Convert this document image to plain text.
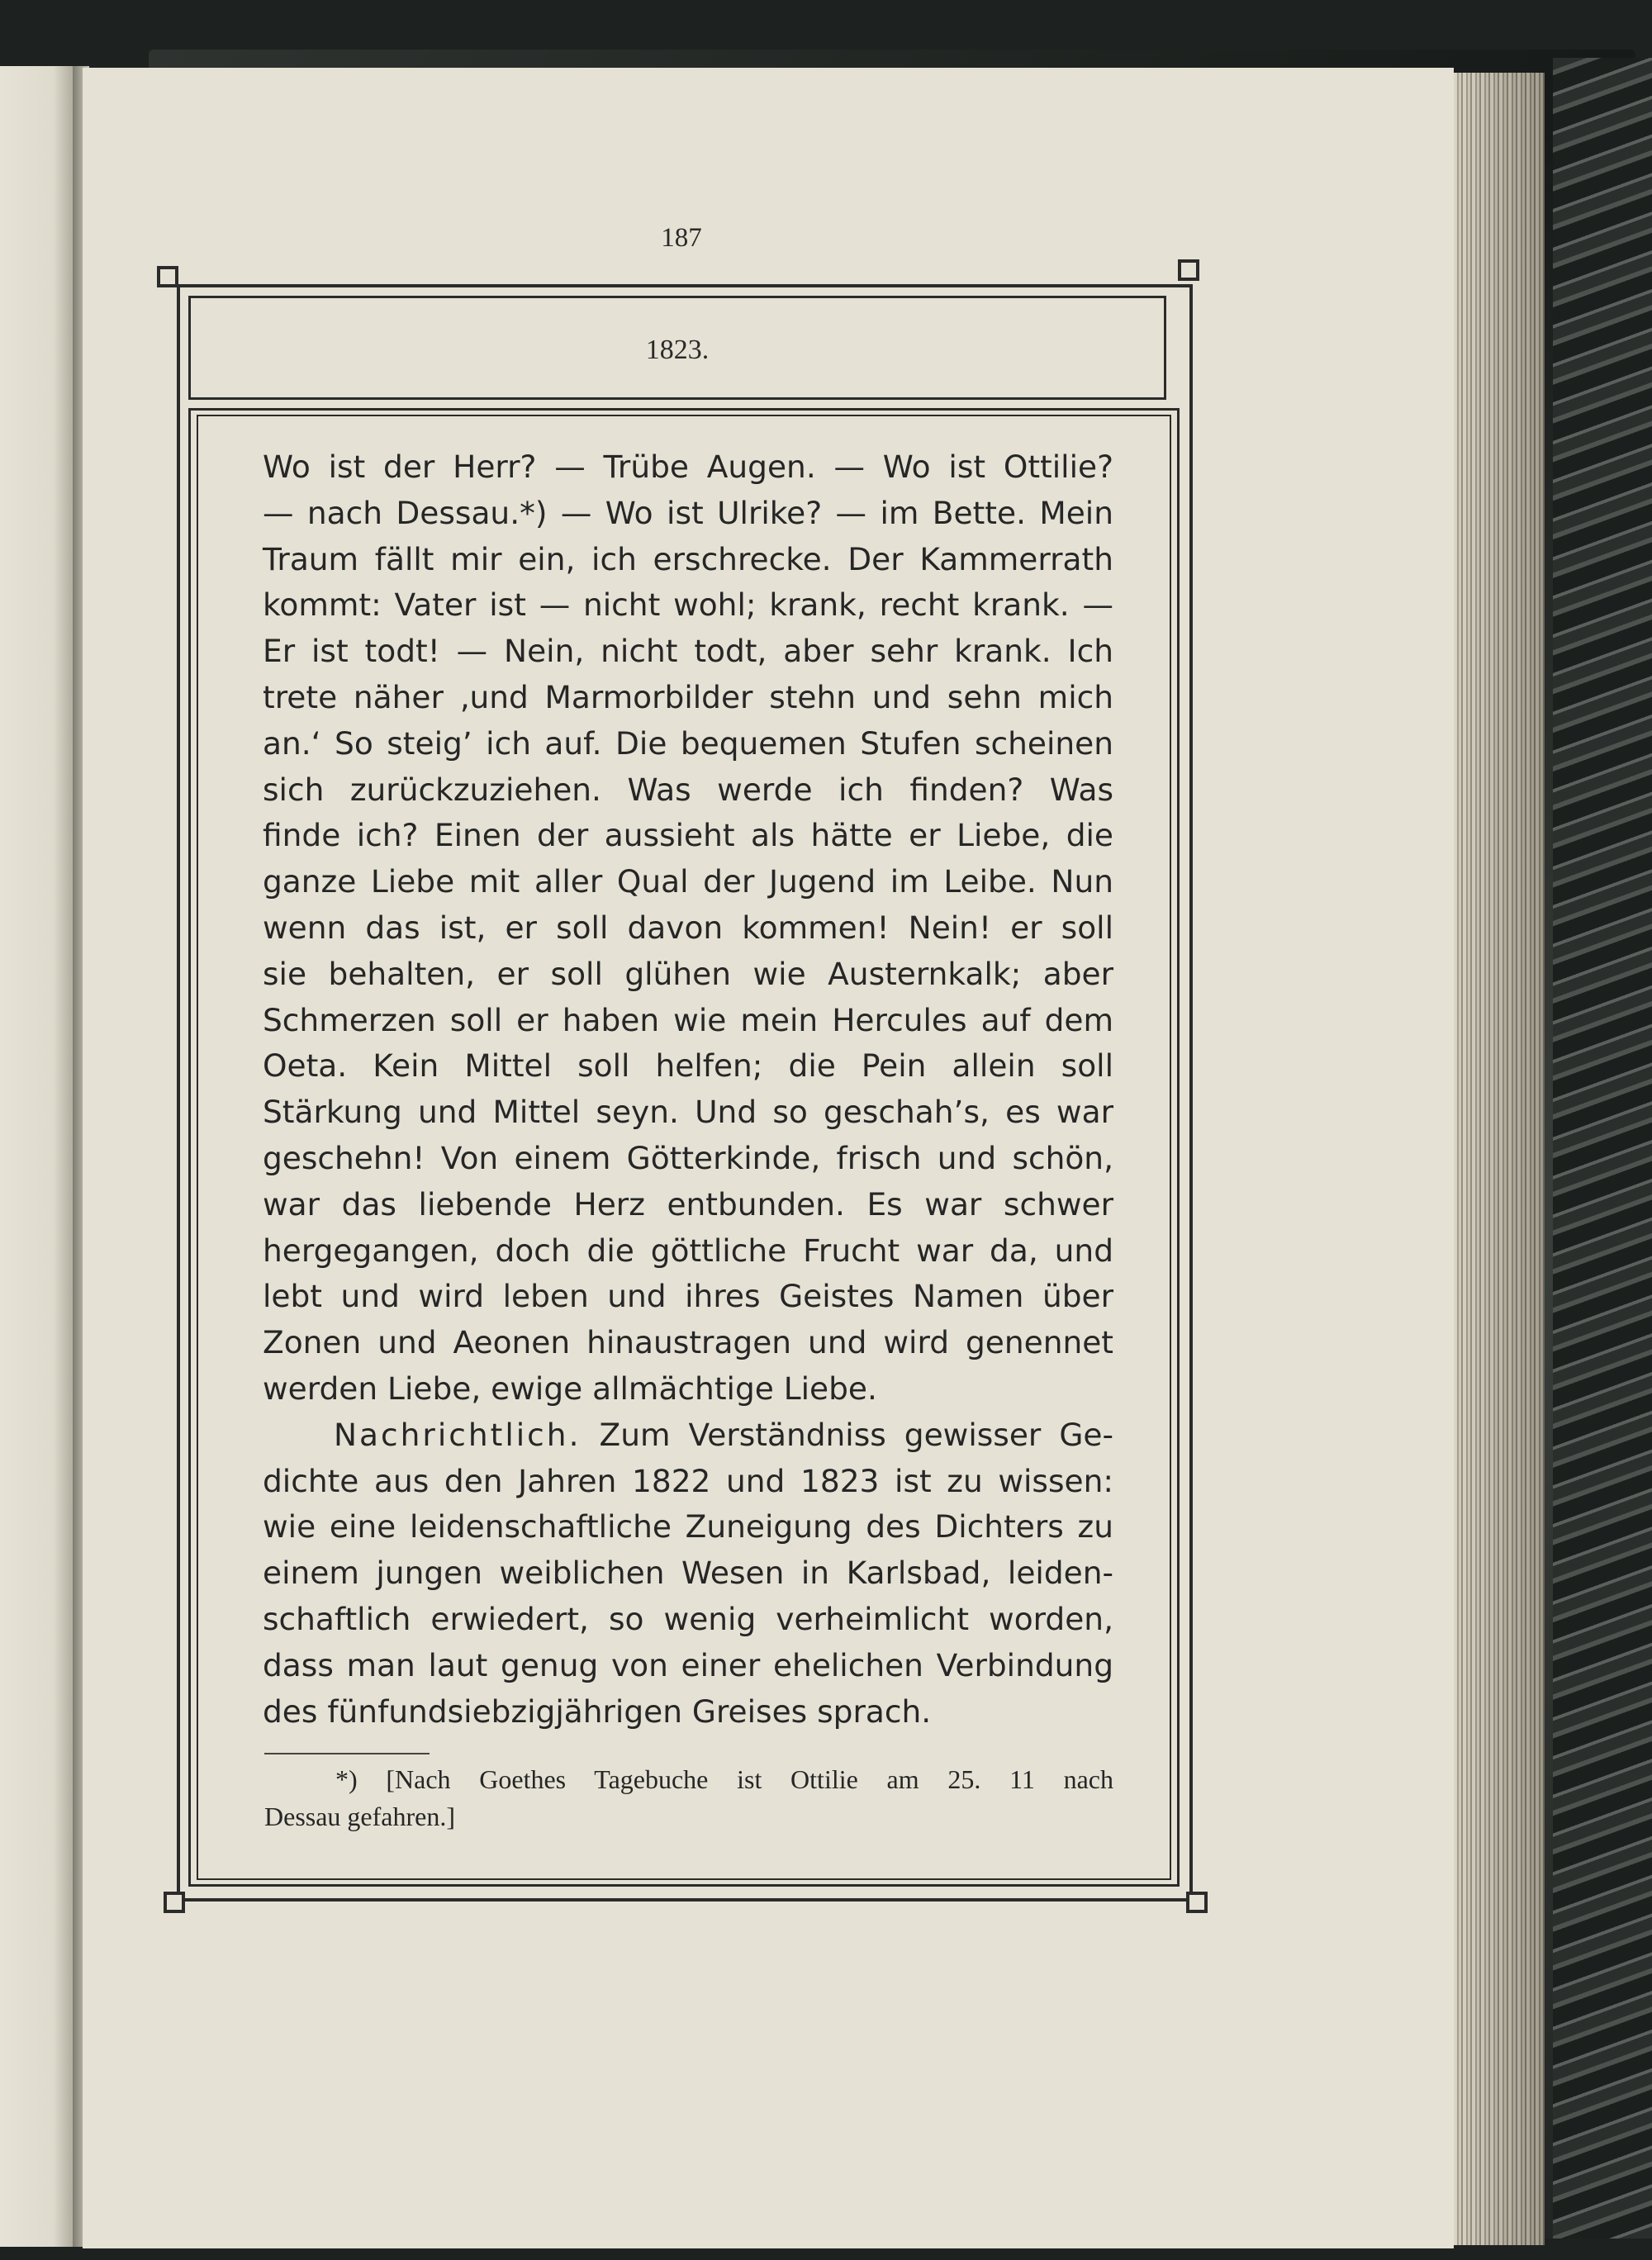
187
1823.
Wo ist der Herr? — Trübe Augen. — Wo ist Ottilie?
— nach Dessau.*) — Wo ist Ulrike? — im Bette. Mein
Traum fällt mir ein, ich erschrecke. Der Kammerrath
kommt: Vater ist — nicht wohl; krank, recht krank. —
Er ist todt! — Nein, nicht todt, aber sehr krank. Ich
trete näher ‚und Marmorbilder stehn und sehn mich
an.‘ So steig’ ich auf. Die bequemen Stufen scheinen
sich zurückzuziehen. Was werde ich finden? Was
finde ich? Einen der aussieht als hätte er Liebe, die
ganze Liebe mit aller Qual der Jugend im Leibe. Nun
wenn das ist, er soll davon kommen! Nein! er soll
sie behalten, er soll glühen wie Austernkalk; aber
Schmerzen soll er haben wie mein Hercules auf dem
Oeta. Kein Mittel soll helfen; die Pein allein soll
Stärkung und Mittel seyn. Und so geschah’s, es war
geschehn! Von einem Götterkinde, frisch und schön,
war das liebende Herz entbunden. Es war schwer
hergegangen, doch die göttliche Frucht war da, und
lebt und wird leben und ihres Geistes Namen über
Zonen und Aeonen hinaustragen und wird genennet
werden Liebe, ewige allmächtige Liebe.
Nachrichtlich. Zum Verständniss gewisser Ge-
dichte aus den Jahren 1822 und 1823 ist zu wissen:
wie eine leidenschaftliche Zuneigung des Dichters zu
einem jungen weiblichen Wesen in Karlsbad, leiden-
schaftlich erwiedert, so wenig verheimlicht worden,
dass man laut genug von einer ehelichen Verbindung
des fünfundsiebzigjährigen Greises sprach.
*) [Nach Goethes Tagebuche ist Ottilie am 25. 11 nach
Dessau gefahren.]
